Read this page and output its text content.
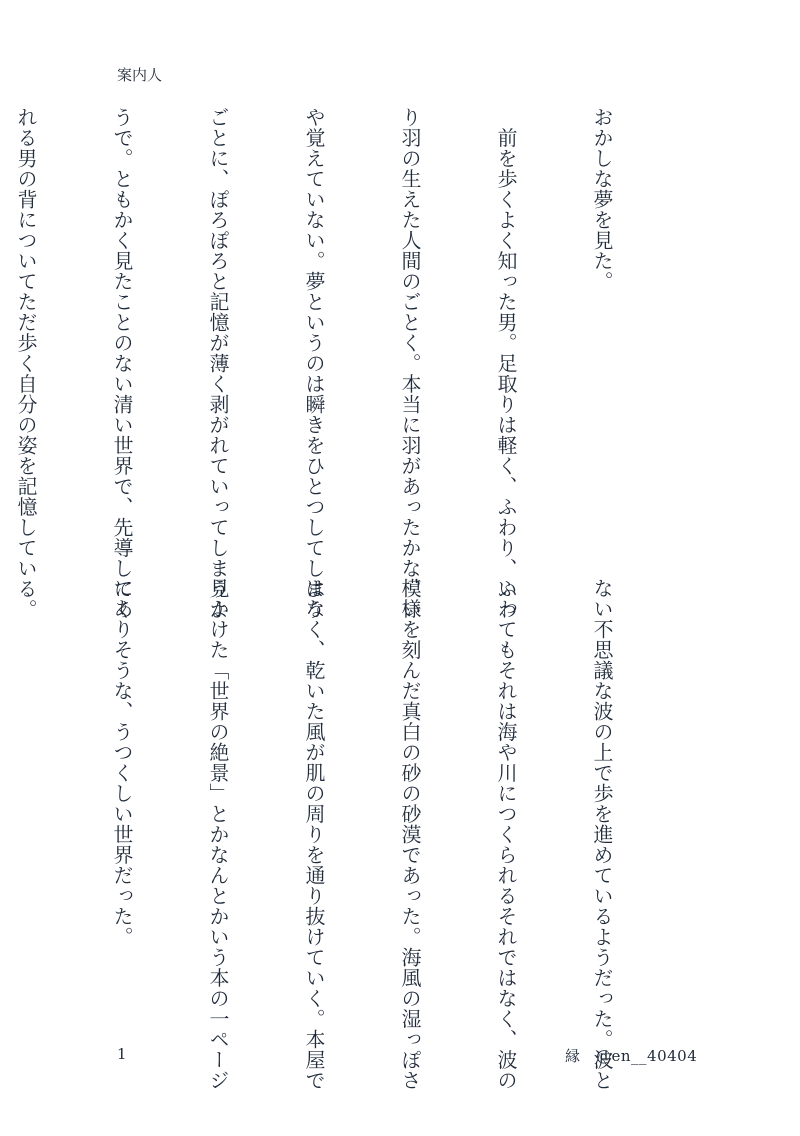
案内人

おかしな夢を見た。

　前を歩くよく知った男。足取りは軽く、ふわり、ふわ

り羽の生えた人間のごとく。本当に羽があったかな、い

や覚えていない。夢というのは瞬きをひとつしてしまう

ごとに、ぽろぽろと記憶が薄く剥がれていってしまうよ

うで。ともかく見たことのない清い世界で、先導してく

れる男の背についてただ歩く自分の姿を記憶している。

ない不思議な波の上で歩を進めているようだった。波と

いってもそれは海や川につくられるそれではなく、波の

模様を刻んだ真白の砂の砂漠であった。海風の湿っぽさ

はなく、乾いた風が肌の周りを通り抜けていく。本屋で

見かけた「世界の絶景」とかなんとかいう本の一ページ

にありそうな、うつくしい世界だった。

1	縁　@en__40404
